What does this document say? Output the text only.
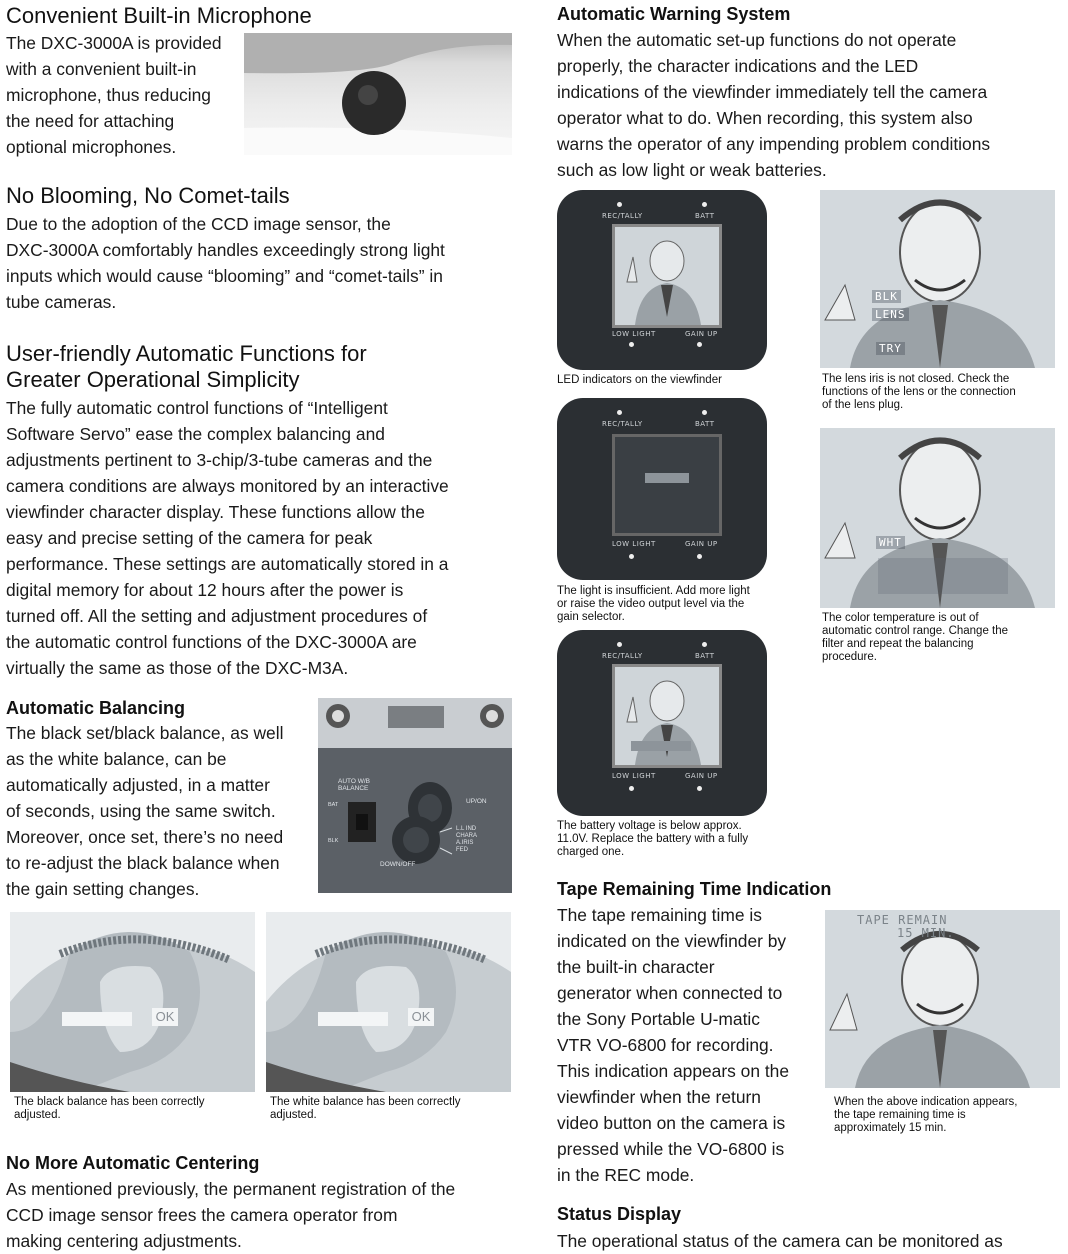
Convenient Built-in Microphone
The DXC-3000A is provided
with a convenient built-in
microphone, thus reducing
the need for attaching
optional microphones.
No Blooming, No Comet-tails
Due to the adoption of the CCD image sensor, the
DXC-3000A comfortably handles exceedingly strong light
inputs which would cause “blooming” and “comet-tails” in
tube cameras.
User-friendly Automatic Functions for
Greater Operational Simplicity
The fully automatic control functions of “Intelligent
Software Servo” ease the complex balancing and
adjustments pertinent to 3-chip/3-tube cameras and the
camera conditions are always monitored by an interactive
viewfinder character display. These functions allow the
easy and precise setting of the camera for peak
performance. These settings are automatically stored in a
digital memory for about 12 hours after the power is
turned off. All the setting and adjustment procedures of
the automatic control functions of the DXC-3000A are
virtually the same as those of the DXC-M3A.
Automatic Balancing
The black set/black balance, as well
as the white balance, can be
automatically adjusted, in a matter
of seconds, using the same switch.
Moreover, once set, there’s no need
to re-adjust the black balance when
the gain setting changes.
AUTO W/B
BALANCE
UP/ON
DOWN/OFF
L.L IND
CHARA
A.IRIS
FED
BAT
BLK
OK
The black balance has been correctly
adjusted.
OK
The white balance has been correctly
adjusted.
No More Automatic Centering
As mentioned previously, the permanent registration of the
CCD image sensor frees the camera operator from
making centering adjustments.
Automatic Warning System
When the automatic set-up functions do not operate
properly, the character indications and the LED
indications of the viewfinder immediately tell the camera
operator what to do. When recording, this system also
warns the operator of any impending problem conditions
such as low light or weak batteries.
REC/TALLY	BATT
LOW LIGHT	GAIN UP
LED indicators on the viewfinder
BLK
LENS
TRY
The lens iris is not closed. Check the
functions of the lens or the connection
of the lens plug.
REC/TALLY	BATT
LOW LIGHT	GAIN UP
The light is insufficient. Add more light
or raise the video output level via the
gain selector.
WHT
The color temperature is out of
automatic control range. Change the
filter and repeat the balancing
procedure.
REC/TALLY	BATT
LOW LIGHT	GAIN UP
The battery voltage is below approx.
11.0V. Replace the battery with a fully
charged one.
Tape Remaining Time Indication
The tape remaining time is
indicated on the viewfinder by
the built-in character
generator when connected to
the Sony Portable U-matic
VTR VO-6800 for recording.
This indication appears on the
viewfinder when the return
video button on the camera is
pressed while the VO-6800 is
in the REC mode.
TAPE REMAIN
15 MIN.
When the above indication appears,
the tape remaining time is
approximately 15 min.
Status Display
The operational status of the camera can be monitored as
